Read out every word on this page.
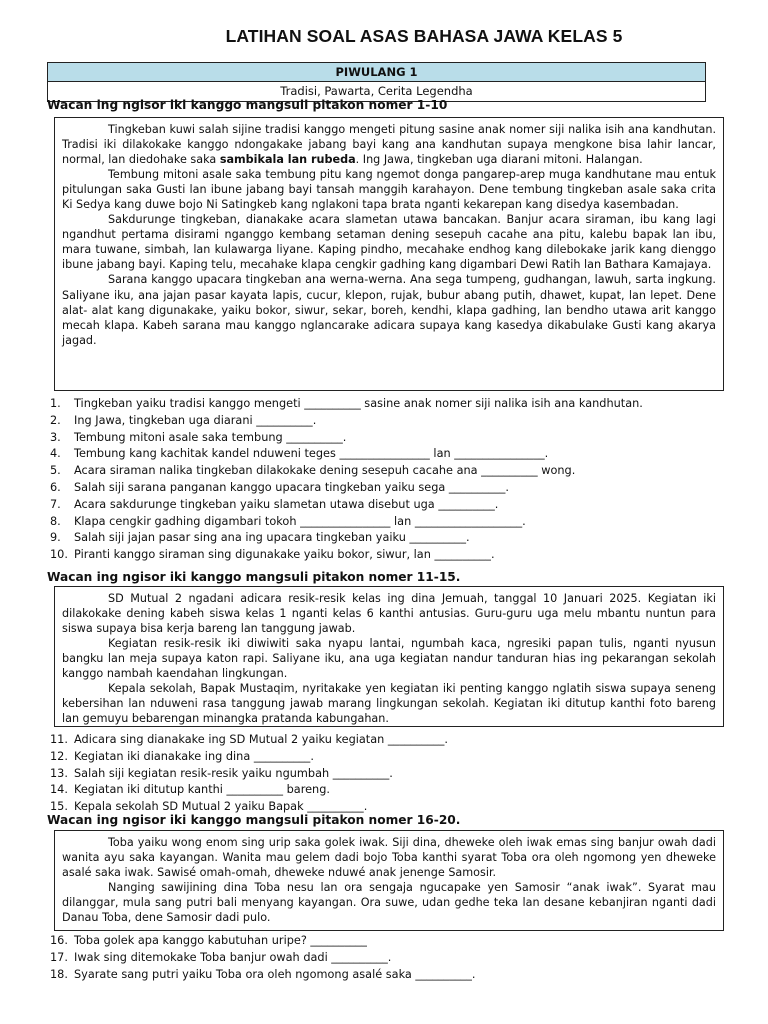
LATIHAN SOAL ASAS BAHASA JAWA KELAS 5
PIWULANG 1
Tradisi, Pawarta, Cerita Legendha
Wacan ing ngisor iki kanggo mangsuli pitakon nomer 1-10

Tingkeban kuwi salah sijine tradisi kanggo mengeti pitung sasine anak nomer siji nalika isih ana kandhutan. Tradisi iki dilakokake kanggo ndongakake jabang bayi kang ana kandhutan supaya mengkone bisa lahir lancar, normal, lan diedohake saka sambikala lan rubeda. Ing Jawa, tingkeban uga diarani mitoni. Halangan.

Tembung mitoni asale saka tembung pitu kang ngemot donga pangarep-arep muga kandhutane mau entuk pitulungan saka Gusti lan ibune jabang bayi tansah manggih karahayon. Dene tembung tingkeban asale saka crita Ki Sedya kang duwe bojo Ni Satingkeb kang nglakoni tapa brata nganti kekarepan kang disedya kasembadan.

Sakdurunge tingkeban, dianakake acara slametan utawa bancakan. Banjur acara siraman, ibu kang lagi ngandhut pertama disirami nganggo kembang setaman dening sesepuh cacahe ana pitu, kalebu bapak lan ibu, mara tuwane, simbah, lan kulawarga liyane. Kaping pindho, mecahake endhog kang dilebokake jarik kang dienggo ibune jabang bayi. Kaping telu, mecahake klapa cengkir gadhing kang digambari Dewi Ratih lan Bathara Kamajaya.

Sarana kanggo upacara tingkeban ana werna-werna. Ana sega tumpeng, gudhangan, lawuh, sarta ingkung. Saliyane iku, ana jajan pasar kayata lapis, cucur, klepon, rujak, bubur abang putih, dhawet, kupat, lan lepet. Dene alat- alat kang digunakake, yaiku bokor, siwur, sekar, boreh, kendhi, klapa gadhing, lan bendho utawa arit kanggo mecah klapa. Kabeh sarana mau kanggo nglancarake adicara supaya kang kasedya dikabulake Gusti kang akarya jagad.

1. Tingkeban yaiku tradisi kanggo mengeti __________ sasine anak nomer siji nalika isih ana kandhutan.
2. Ing Jawa, tingkeban uga diarani __________.
3. Tembung mitoni asale saka tembung __________.
4. Tembung kang kachitak kandel nduweni teges ________________ lan ________________.
5. Acara siraman nalika tingkeban dilakokake dening sesepuh cacahe ana __________ wong.
6. Salah siji sarana panganan kanggo upacara tingkeban yaiku sega __________.
7. Acara sakdurunge tingkeban yaiku slametan utawa disebut uga __________.
8. Klapa cengkir gadhing digambari tokoh ________________ lan ___________________.
9. Salah siji jajan pasar sing ana ing upacara tingkeban yaiku __________.
10. Piranti kanggo siraman sing digunakake yaiku bokor, siwur, lan __________.
Wacan ing ngisor iki kanggo mangsuli pitakon nomer 11-15.

SD Mutual 2 ngadani adicara resik-resik kelas ing dina Jemuah, tanggal 10 Januari 2025. Kegiatan iki dilakokake dening kabeh siswa kelas 1 nganti kelas 6 kanthi antusias. Guru-guru uga melu mbantu nuntun para siswa supaya bisa kerja bareng lan tanggung jawab.

Kegiatan resik-resik iki diwiwiti saka nyapu lantai, ngumbah kaca, ngresiki papan tulis, nganti nyusun bangku lan meja supaya katon rapi. Saliyane iku, ana uga kegiatan nandur tanduran hias ing pekarangan sekolah kanggo nambah kaendahan lingkungan.

Kepala sekolah, Bapak Mustaqim, nyritakake yen kegiatan iki penting kanggo nglatih siswa supaya seneng kebersihan lan nduweni rasa tanggung jawab marang lingkungan sekolah. Kegiatan iki ditutup kanthi foto bareng lan gemuyu bebarengan minangka pratanda kabungahan.

11. Adicara sing dianakake ing SD Mutual 2 yaiku kegiatan __________.
12. Kegiatan iki dianakake ing dina __________.
13. Salah siji kegiatan resik-resik yaiku ngumbah __________.
14. Kegiatan iki ditutup kanthi __________ bareng.
15. Kepala sekolah SD Mutual 2 yaiku Bapak __________.
Wacan ing ngisor iki kanggo mangsuli pitakon nomer 16-20.

Toba yaiku wong enom sing urip saka golek iwak. Siji dina, dheweke oleh iwak emas sing banjur owah dadi wanita ayu saka kayangan. Wanita mau gelem dadi bojo Toba kanthi syarat Toba ora oleh ngomong yen dheweke asalé saka iwak. Sawisé omah-omah, dheweke nduwé anak jenenge Samosir.

Nanging sawijining dina Toba nesu lan ora sengaja ngucapake yen Samosir “anak iwak”. Syarat mau dilanggar, mula sang putri bali menyang kayangan. Ora suwe, udan gedhe teka lan desane kebanjiran nganti dadi Danau Toba, dene Samosir dadi pulo.

16. Toba golek apa kanggo kabutuhan uripe? __________
17. Iwak sing ditemokake Toba banjur owah dadi __________.
18. Syarate sang putri yaiku Toba ora oleh ngomong asalé saka __________.
